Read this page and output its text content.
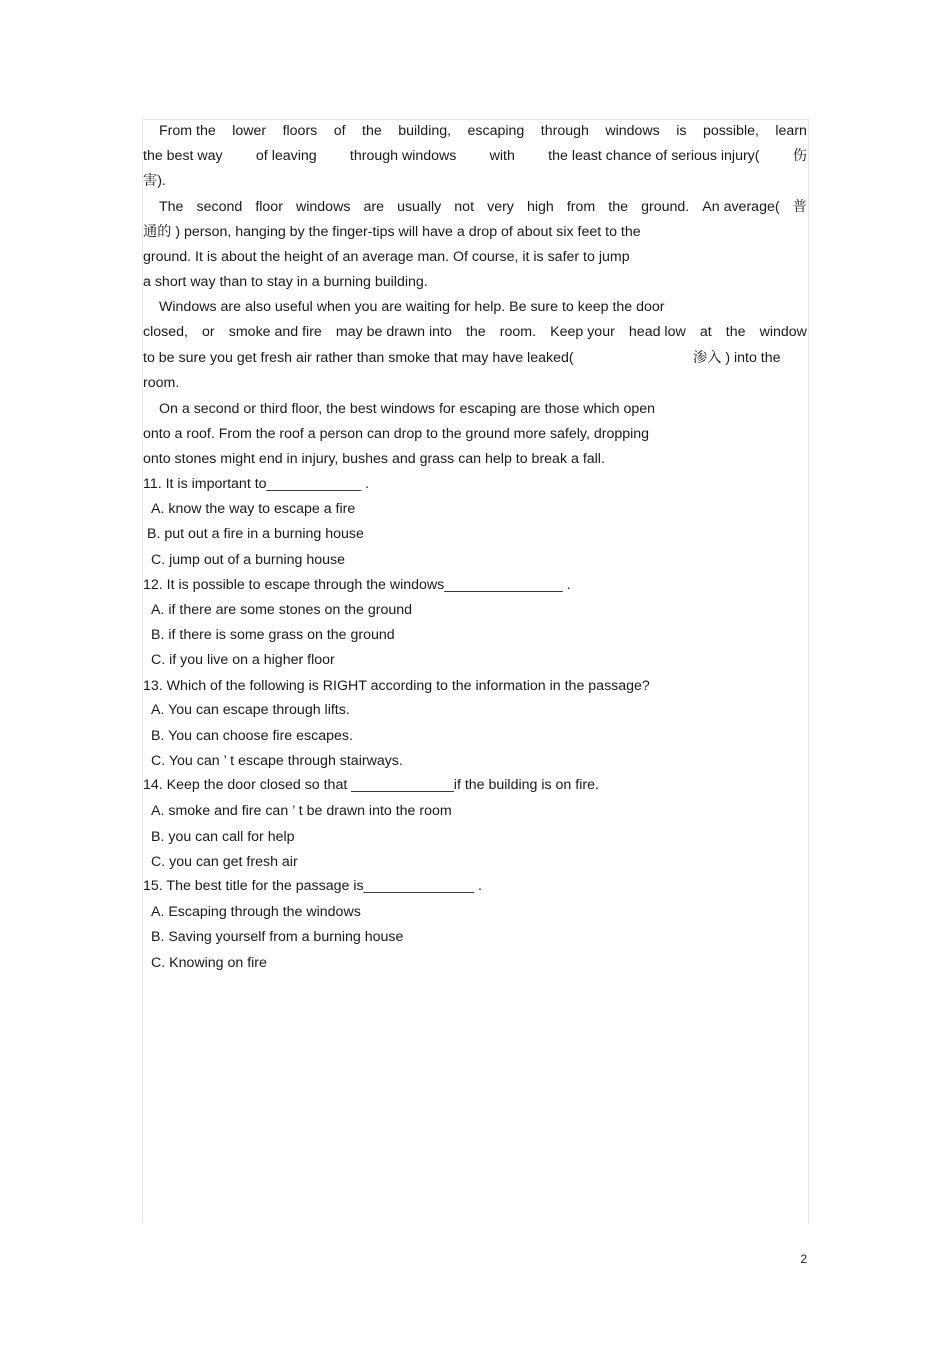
From the lower floors of the building, escaping through windows is possible, learn
the best way of leaving through windows with the least chance of serious injury( 伤
害).
The second floor windows are usually not very high from the ground. An average( 普
通的 ) person, hanging by the finger-tips will have a drop of about six feet to the
ground. It is about the height of an average man. Of course, it is safer to jump
a short way than to stay in a burning building.
Windows are also useful when you are waiting for help. Be sure to keep the door
closed, or smoke and fire may be drawn into the room. Keep your head low at the window
to be sure you get fresh air rather than smoke that may have leaked(	渗入 ) into the
room.
On a second or third floor, the best windows for escaping are those which open
onto a roof. From the roof a person can drop to the ground more safely, dropping
onto stones might end in injury, bushes and grass can help to break a fall.
11. It is important to____________ .
A. know the way to escape a fire
B. put out a fire in a burning house
C. jump out of a burning house
12. It is possible to escape through the windows_______________ .
A. if there are some stones on the ground
B. if there is some grass on the ground
C. if you live on a higher floor
13. Which of the following is RIGHT according to the information in the passage?
A. You can escape through lifts.
B. You can choose fire escapes.
C. You can ’ t escape through stairways.
14. Keep the door closed so that _____________if the building is on fire.
A. smoke and fire can ’ t be drawn into the room
B. you can call for help
C. you can get fresh air
15. The best title for the passage is______________ .
A. Escaping through the windows
B. Saving yourself from a burning house
C. Knowing on fire
2
